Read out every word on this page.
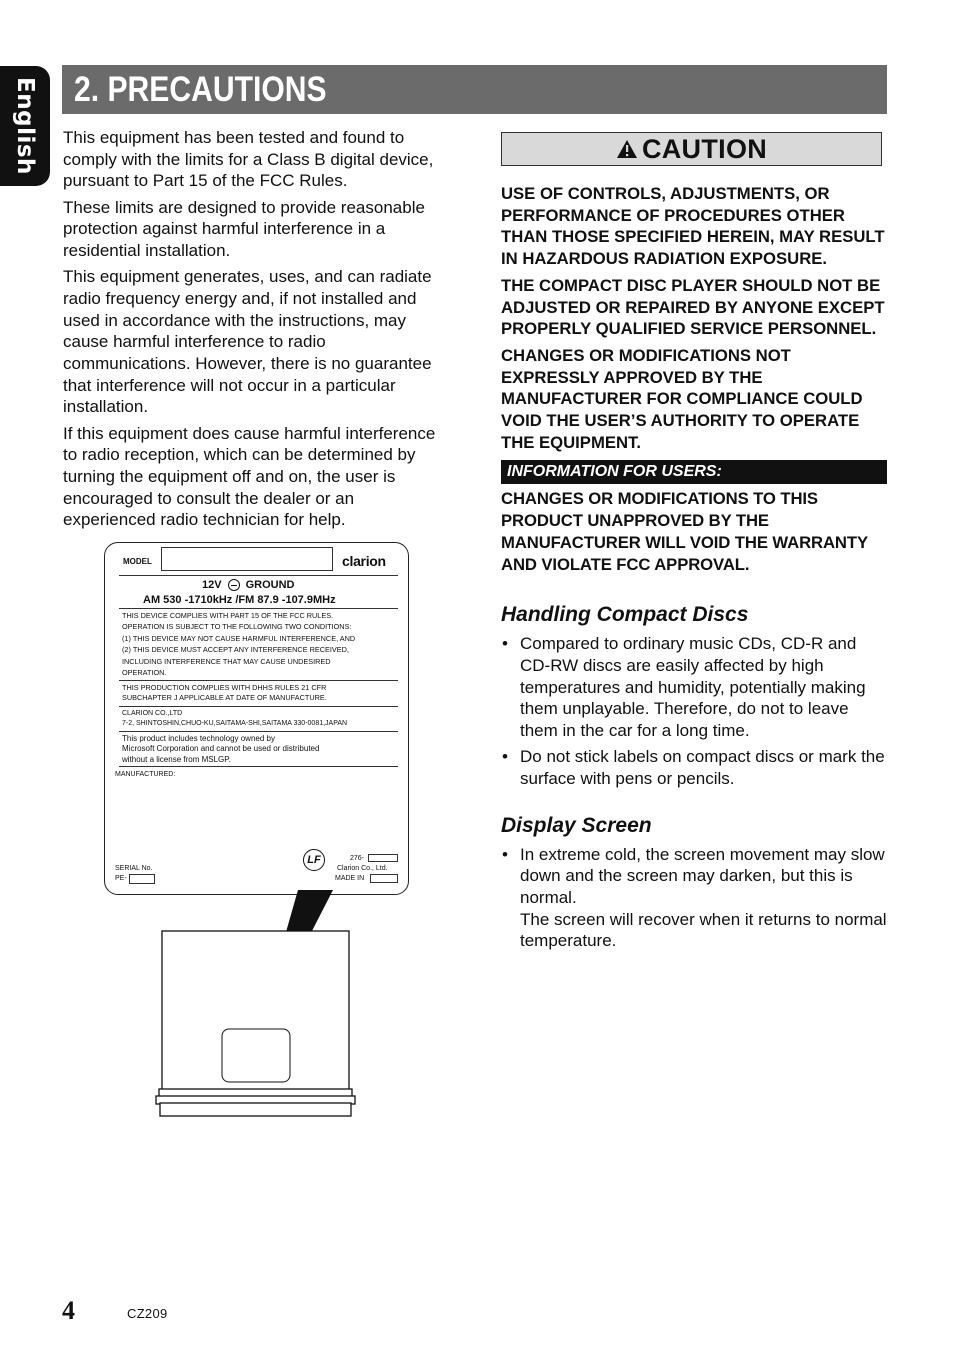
English 2. PRECAUTIONS

This equipment has been tested and found to comply with the limits for a Class B digital device, pursuant to Part 15 of the FCC Rules.

These limits are designed to provide reasonable protection against harmful interference in a residential installation.

This equipment generates, uses, and can radiate radio frequency energy and, if not installed and used in accordance with the instructions, may cause harmful interference to radio communications. However, there is no guarantee that interference will not occur in a particular installation.

If this equipment does cause harmful interference to radio reception, which can be determined by turning the equipment off and on, the user is encouraged to consult the dealer or an experienced radio technician for help.

MODEL	clarion
12V GROUND
AM 530 -1710kHz /FM 87.9 -107.9MHz
THIS DEVICE COMPLIES WITH PART 15 OF THE FCC RULES.
OPERATION IS SUBJECT TO THE FOLLOWING TWO CONDITIONS:
(1) THIS DEVICE MAY NOT CAUSE HARMFUL INTERFERENCE, AND
(2) THIS DEVICE MUST ACCEPT ANY INTERFERENCE RECEIVED,
INCLUDING INTERFERENCE THAT MAY CAUSE UNDESIRED
OPERATION.
THIS PRODUCTION COMPLIES WITH DHHS RULES 21 CFR
SUBCHAPTER J APPLICABLE AT DATE OF MANUFACTURE.
CLARION CO.,LTD
7-2, SHINTOSHIN,CHUO-KU,SAITAMA-SHI,SAITAMA 330-0081,JAPAN
This product includes technology owned by
Microsoft Corporation and cannot be used or distributed
without a license from MSLGP.
MANUFACTURED:
LF	276-
Clarion Co., Ltd.
MADE IN
SERIAL No.
PE-
CAUTION

USE OF CONTROLS, ADJUSTMENTS, OR PERFORMANCE OF PROCEDURES OTHER THAN THOSE SPECIFIED HEREIN, MAY RESULT IN HAZARDOUS RADIATION EXPOSURE.

THE COMPACT DISC PLAYER SHOULD NOT BE ADJUSTED OR REPAIRED BY ANYONE EXCEPT PROPERLY QUALIFIED SERVICE PERSONNEL.

CHANGES OR MODIFICATIONS NOT EXPRESSLY APPROVED BY THE MANUFACTURER FOR COMPLIANCE COULD VOID THE USER’S AUTHORITY TO OPERATE THE EQUIPMENT.

INFORMATION FOR USERS:

CHANGES OR MODIFICATIONS TO THIS PRODUCT UNAPPROVED BY THE MANUFACTURER WILL VOID THE WARRANTY AND VIOLATE FCC APPROVAL.

Handling Compact Discs
• Compared to ordinary music CDs, CD-R and CD-RW discs are easily affected by high temperatures and humidity, potentially making them unplayable. Therefore, do not to leave them in the car for a long time.
• Do not stick labels on compact discs or mark the surface with pens or pencils.
Display Screen
• In extreme cold, the screen movement may slow down and the screen may darken, but this is normal.
The screen will recover when it returns to normal temperature.
4	CZ209
